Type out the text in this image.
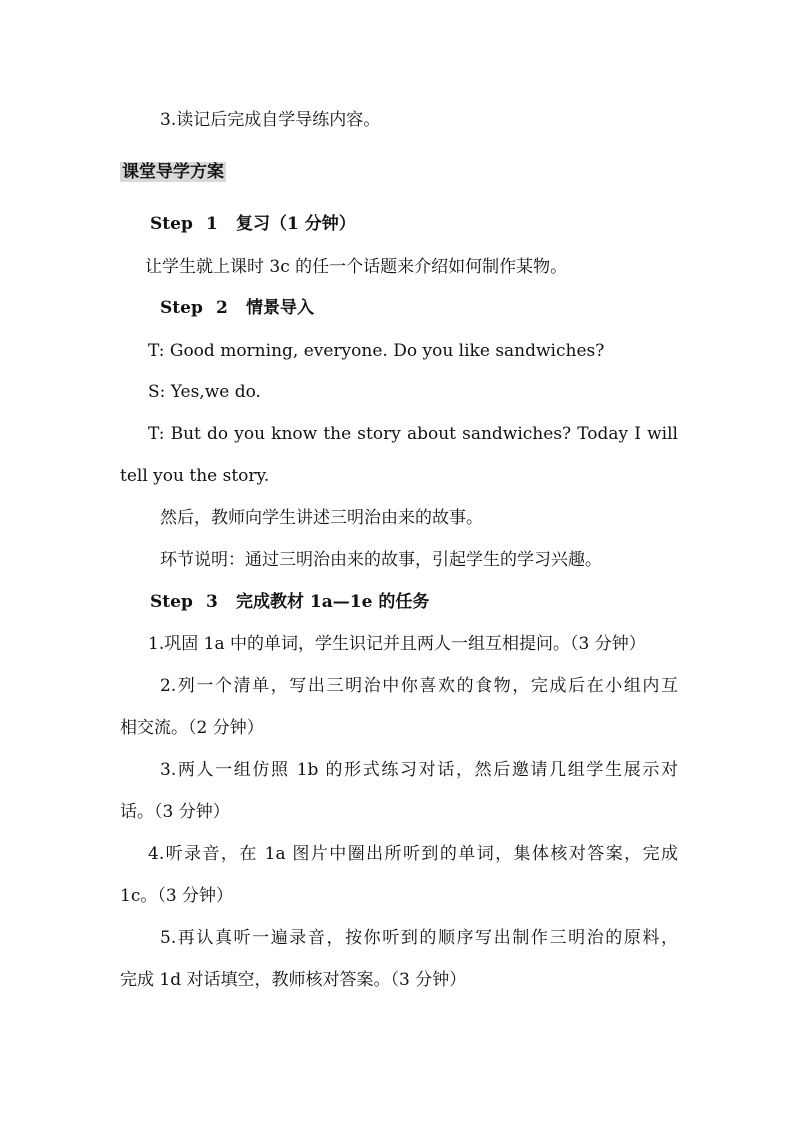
3.读记后完成自学导练内容。
课堂导学方案
Step 1 复习（1 分钟）
让学生就上课时 3c 的任一个话题来介绍如何制作某物。
Step 2 情景导入
T: Good morning, everyone. Do you like sandwiches?
S: Yes,we do.
T: But do you know the story about sandwiches? Today I will
tell you the story.
然后，教师向学生讲述三明治由来的故事。
环节说明：通过三明治由来的故事，引起学生的学习兴趣。
Step 3 完成教材 1a—1e 的任务
1.巩固 1a 中的单词，学生识记并且两人一组互相提问。（3 分钟）
2.列一个清单，写出三明治中你喜欢的食物，完成后在小组内互
相交流。（2 分钟）
3.两人一组仿照 1b 的形式练习对话，然后邀请几组学生展示对
话。（3 分钟）
4.听录音，在 1a 图片中圈出所听到的单词，集体核对答案，完成
1c。（3 分钟）
5.再认真听一遍录音，按你听到的顺序写出制作三明治的原料，
完成 1d 对话填空，教师核对答案。（3 分钟）
